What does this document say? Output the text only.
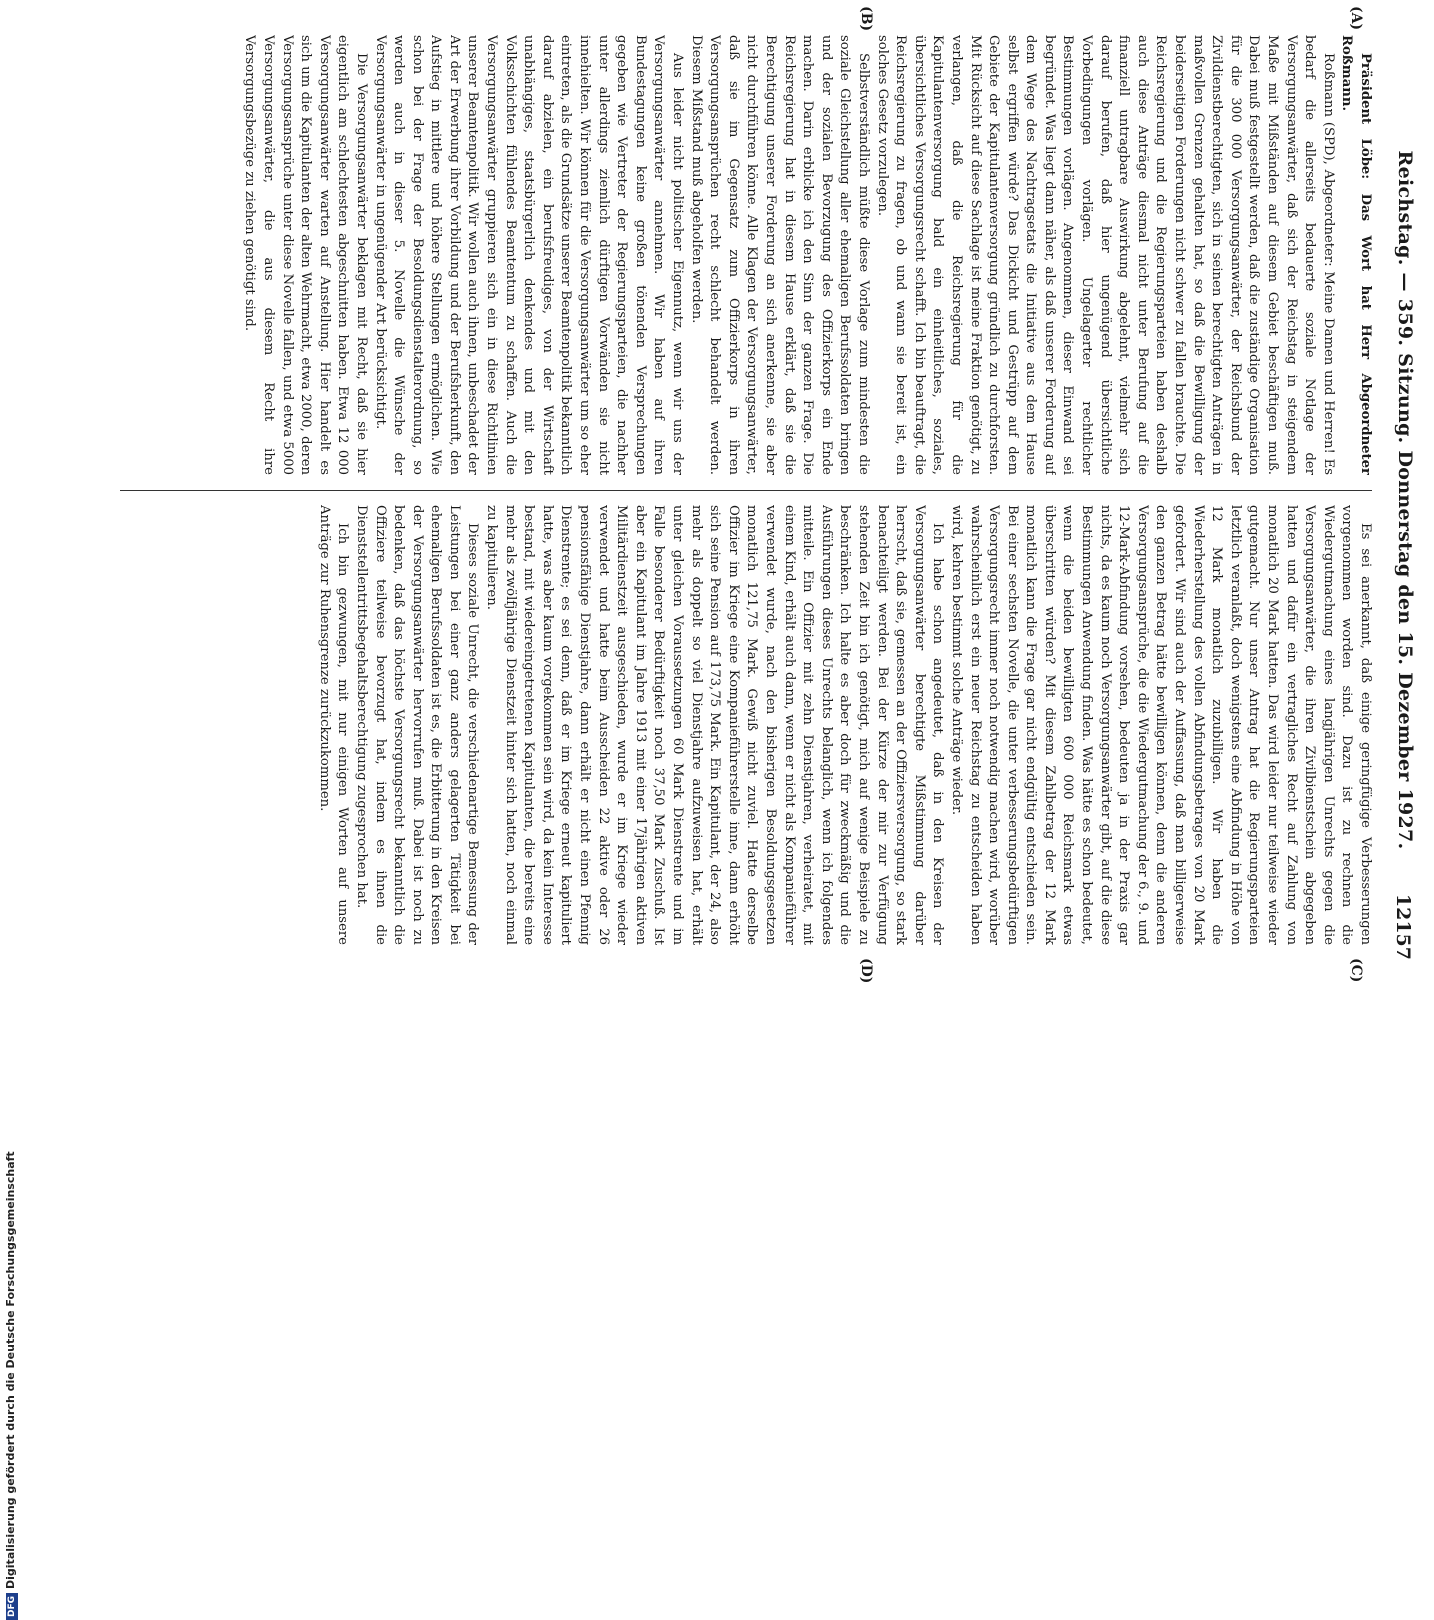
Reichstag. — 359. Sitzung. Donnerstag den 15. Dezember 1927.
12157
(A)
(B)
(C)
(D)

Präsident Löbe: Das Wort hat Herr Abgeordneter Roßmann.

Roßmann (SPD), Abgeordneter: Meine Damen und Herren! Es bedarf die allerseits bedauerte soziale Notlage der Versorgungsanwärter, daß sich der Reichstag in steigendem Maße mit Mißständen auf diesem Gebiet beschäftigen muß. Dabei muß festgestellt werden, daß die zuständige Organisation für die 300 000 Versorgungsanwärter, der Reichsbund der Zivildienstberechtigten, sich in seinen berechtigten Anträgen in maßvollen Grenzen gehalten hat, so daß die Bewilligung der beiderseitigen Forderungen nicht schwer zu fallen brauchte. Die Reichsregierung und die Regierungsparteien haben deshalb auch diese Anträge diesmal nicht unter Berufung auf die finanziell untragbare Auswirkung abgelehnt, vielmehr sich darauf berufen, daß hier ungenügend übersichtliche Vorbedingungen vorlägen. Ungelagerter rechtlicher Bestimmungen vorlägen. Angenommen, dieser Einwand sei begründet. Was liegt dann näher, als daß unserer Forderung auf dem Wege des Nachtragsetats die Initiative aus dem Hause selbst ergriffen würde? Das Dickicht und Gestrüpp auf dem Gebiete der Kapitulantenversorgung gründlich zu durchforsten. Mit Rücksicht auf diese Sachlage ist meine Fraktion genötigt, zu verlangen, daß die Reichsregierung für die Kapitulantenversorgung bald ein einheitliches, soziales, übersichtliches Versorgungsrecht schafft. Ich bin beauftragt, die Reichsregierung zu fragen, ob und wann sie bereit ist, ein solches Gesetz vorzulegen.

Selbstverständlich müßte diese Vorlage zum mindesten die soziale Gleichstellung aller ehemaligen Berufssoldaten bringen und der sozialen Bevorzugung des Offizierkorps ein Ende machen. Darin erblicke ich den Sinn der ganzen Frage. Die Reichsregierung hat in diesem Hause erklärt, daß sie die Berechtigung unserer Forderung an sich anerkenne, sie aber nicht durchführen könne. Alle Klagen der Versorgungsanwärter, daß sie im Gegensatz zum Offizierkorps in ihren Versorgungsansprüchen recht schlecht behandelt werden. Diesem Mißstand muß abgeholfen werden.

Aus leider nicht politischer Eigennutz, wenn wir uns der Versorgungsanwärter annehmen. Wir haben auf ihren Bundestagungen keine großen tönenden Versprechungen gegeben wie Vertreter der Regierungsparteien, die nachher unter allerdings ziemlich dürftigen Vorwänden sie nicht innehielten. Wir können für die Versorgungsanwärter um so eher eintreten, als die Grundsätze unserer Beamtenpolitik bekanntlich darauf abzielen, ein berufsfreudiges, von der Wirtschaft unabhängiges, staatsbürgerlich denkendes und mit den Volksschichten fühlendes Beamtentum zu schaffen. Auch die Versorgungsanwärter gruppieren sich ein in diese Richtlinien unserer Beamtenpolitik. Wir wollen auch ihnen, unbeschadet der Art der Erwerbung ihrer Vorbildung und der Berufsherkunft, den Aufstieg in mittlere und höhere Stellungen ermöglichen. Wie schon bei der Frage der Besoldungsdienstalterordnung, so werden auch in dieser 5. Novelle die Wünsche der Versorgungsanwärter in ungenügender Art berücksichtigt.

Die Versorgungsanwärter beklagen mit Recht, daß sie hier eigentlich am schlechtesten abgeschnitten haben. Etwa 12 000 Versorgungsanwärter warten auf Anstellung. Hier handelt es sich um die Kapitulanten der alten Wehrmacht, etwa 2000, deren Versorgungsansprüche unter diese Novelle fallen, und etwa 5000 Versorgungsanwärter, die aus diesem Recht ihre Versorgungsbezüge zu ziehen genötigt sind.

Es sei anerkannt, daß einige geringfügige Verbesserungen vorgenommen worden sind. Dazu ist zu rechnen die Wiedergutmachung eines langjährigen Unrechts gegen die Versorgungsanwärter, die ihren Zivilbienstschein abgegeben hatten und dafür ein vertragliches Recht auf Zahlung von monatlich 20 Mark hatten. Das wird leider nur teilweise wieder gutgemacht. Nur unser Antrag hat die Regierungsparteien letztlich veranlaßt, doch wenigstens eine Abfindung in Höhe von 12 Mark monatlich zuzubilligen. Wir haben die Wiederherstellung des vollen Abfindungsbetrages von 20 Mark gefordert. Wir sind auch der Auffassung, daß man billigerweise den ganzen Betrag hätte bewilligen können, denn die anderen Versorgungsansprüche, die die Wiedergutmachung der 6., 9. und 12-Mark-Abfindung vorsehen, bedeuten ja in der Praxis gar nichts, da es kaum noch Versorgungsanwärter gibt, auf die diese Bestimmungen Anwendung finden. Was hätte es schon bedeutet, wenn die beiden bewilligten 600 000 Reichsmark etwas überschritten würden? Mit diesem Zahlbetrag der 12 Mark monatlich kann die Frage gar nicht endgültig entschieden sein. Bei einer sechsten Novelle, die unter verbesserungsbedürftigen Versorgungsrecht immer noch notwendig machen wird, worüber wahrscheinlich erst ein neuer Reichstag zu entscheiden haben wird, kehren bestimmt solche Anträge wieder.

Ich habe schon angedeutet, daß in den Kreisen der Versorgungsanwärter berechtigte Mißstimmung darüber herrscht, daß sie, gemessen an der Offiziersversorgung, so stark benachteiligt werden. Bei der Kürze der mir zur Verfügung stehenden Zeit bin ich genötigt, mich auf wenige Beispiele zu beschränken. Ich halte es aber doch für zweckmäßig und die Ausführungen dieses Unrechts belanglich, wenn ich folgendes mitteile. Ein Offizier mit zehn Dienstjahren, verheiratet, mit einem Kind, erhält auch dann, wenn er nicht als Kompanieführer verwendet wurde, nach den bisherigen Besoldungsgesetzen monatlich 121,75 Mark. Gewiß nicht zuviel. Hatte derselbe Offizier im Kriege eine Kompanieführerstelle inne, dann erhöht sich seine Pension auf 173,75 Mark. Ein Kapitulant, der 24, also mehr als doppelt so viel Dienstjahre aufzuweisen hat, erhält unter gleichen Voraussetzungen 60 Mark Dienstrente und im Falle besonderer Bedürftigkeit noch 37,50 Mark Zuschuß. Ist aber ein Kapitulant im Jahre 1913 mit einer 17jährigen aktiven Militärdienstzeit ausgeschieden, wurde er im Kriege wieder verwendet und hatte beim Ausscheiden 22 aktive oder 26 pensionsfähige Dienstjahre, dann erhält er nicht einen Pfennig Dienstrente; es sei denn, daß er im Kriege erneut kapituliert hatte, was aber kaum vorgekommen sein wird, da kein Interesse bestand, mit wiedereingetretenen Kapitulanten, die bereits eine mehr als zwölfjährige Dienstzeit hinter sich hatten, noch einmal zu kapitulieren.

Dieses soziale Unrecht, die verschiedenartige Bemessung der Leistungen bei einer ganz anders gelagerten Tätigkeit bei ehemaligen Berufssoldaten ist es, die Erbitterung in den Kreisen der Versorgungsanwärter hervorrufen muß. Dabei ist noch zu bedenken, daß das höchste Versorgungsrecht bekanntlich die Offiziere teilweise bevorzugt hat, indem es ihnen die Dienststellentrittsbegehaltsberechtigung zugesprochen hat.

Ich bin gezwungen, mit nur einigen Worten auf unsere Anträge zur Ruhensgrenze zurückzukommen.

DFGDigitalisierung gefördert durch die Deutsche Forschungsgemeinschaft
